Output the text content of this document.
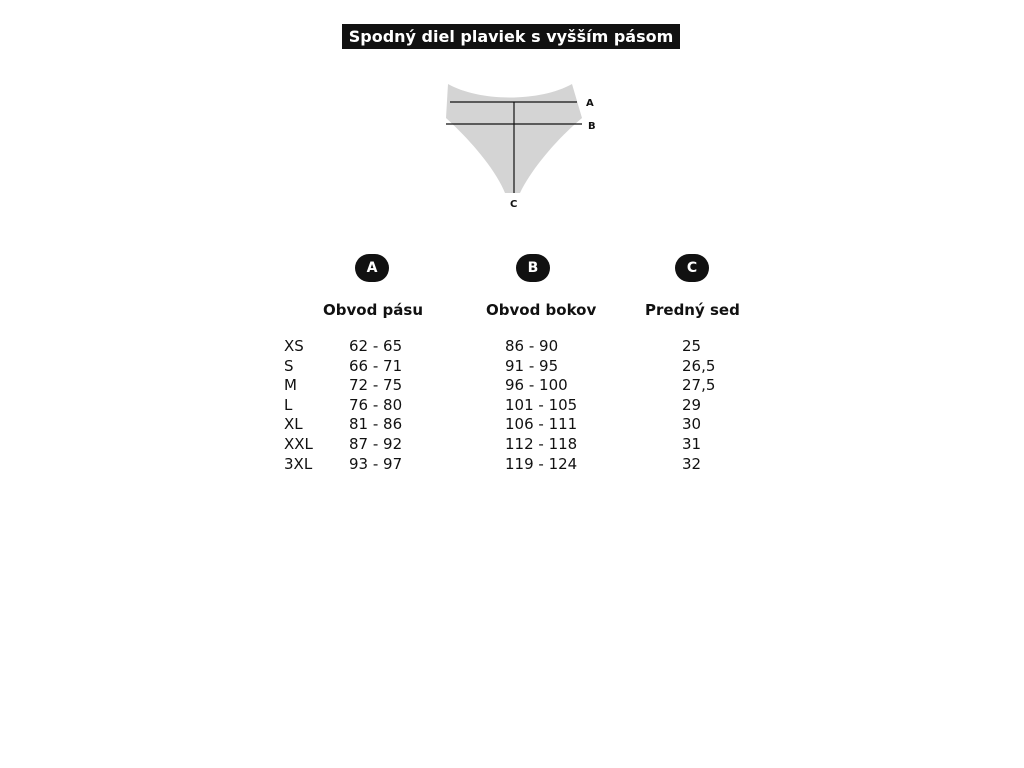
Spodný diel plaviek s vyšším pásom
A
B
C
A	B	C
Obvod pásu	Obvod bokov	Predný sed
XS	62 - 65	86 - 90	25
S	66 - 71	91 - 95	26,5
M	72 - 75	96 - 100	27,5
L	76 - 80	101 - 105	29
XL	81 - 86	106 - 111	30
XXL 87 - 92	112 - 118	31
3XL 93 - 97	119 - 124	32
